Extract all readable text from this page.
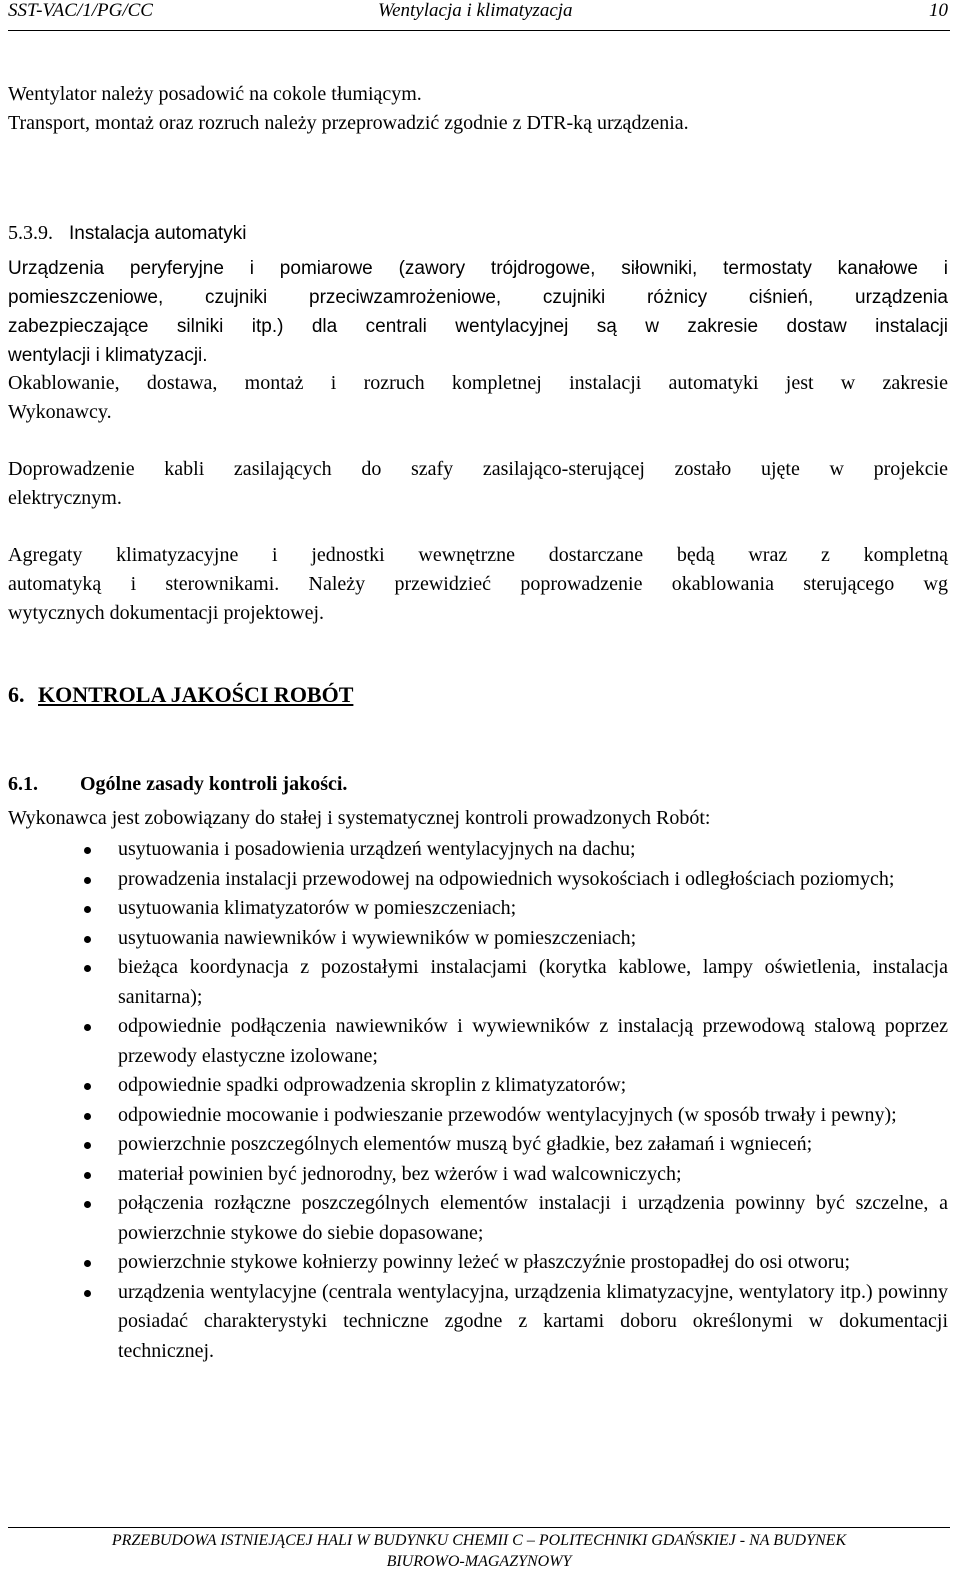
SST-VAC/1/PG/CC	Wentylacja i klimatyzacja	10
Wentylator należy posadowić na cokole tłumiącym.
Transport, montaż oraz rozruch należy przeprowadzić zgodnie z DTR-ką urządzenia.
5.3.9. Instalacja automatyki
Urządzenia peryferyjne i pomiarowe (zawory trójdrogowe, siłowniki, termostaty kanałowe i
pomieszczeniowe, czujniki przeciwzamrożeniowe, czujniki różnicy ciśnień, urządzenia
zabezpieczające silniki itp.) dla centrali wentylacyjnej są w zakresie dostaw instalacji
wentylacji i klimatyzacji.
Okablowanie, dostawa, montaż i rozruch kompletnej instalacji automatyki jest w zakresie
Wykonawcy.
Doprowadzenie kabli zasilających do szafy zasilająco-sterującej zostało ujęte w projekcie
elektrycznym.
Agregaty klimatyzacyjne i jednostki wewnętrzne dostarczane będą wraz z kompletną
automatyką i sterownikami. Należy przewidzieć poprowadzenie okablowania sterującego wg
wytycznych dokumentacji projektowej.
6. KONTROLA JAKOŚCI ROBÓT
6.1. Ogólne zasady kontroli jakości.
Wykonawca jest zobowiązany do stałej i systematycznej kontroli prowadzonych Robót:
usytuowania i posadowienia urządzeń wentylacyjnych na dachu;
prowadzenia instalacji przewodowej na odpowiednich wysokościach i odległościach poziomych;
usytuowania klimatyzatorów w pomieszczeniach;
usytuowania nawiewników i wywiewników w pomieszczeniach;
bieżąca koordynacja z pozostałymi instalacjami (korytka kablowe, lampy oświetlenia, instalacja sanitarna);
odpowiednie podłączenia nawiewników i wywiewników z instalacją przewodową stalową poprzez przewody elastyczne izolowane;
odpowiednie spadki odprowadzenia skroplin z klimatyzatorów;
odpowiednie mocowanie i podwieszanie przewodów wentylacyjnych (w sposób trwały i pewny);
powierzchnie poszczególnych elementów muszą być gładkie, bez załamań i wgnieceń;
materiał powinien być jednorodny, bez wżerów i wad walcowniczych;
połączenia rozłączne poszczególnych elementów instalacji i urządzenia powinny być szczelne, a powierzchnie stykowe do siebie dopasowane;
powierzchnie stykowe kołnierzy powinny leżeć w płaszczyźnie prostopadłej do osi otworu;
urządzenia wentylacyjne (centrala wentylacyjna, urządzenia klimatyzacyjne, wentylatory itp.) powinny posiadać charakterystyki techniczne zgodne z kartami doboru określonymi w dokumentacji technicznej.
PRZEBUDOWA ISTNIEJĄCEJ HALI W BUDYNKU CHEMII C – POLITECHNIKI GDAŃSKIEJ - NA BUDYNEK
BIUROWO-MAGAZYNOWY
